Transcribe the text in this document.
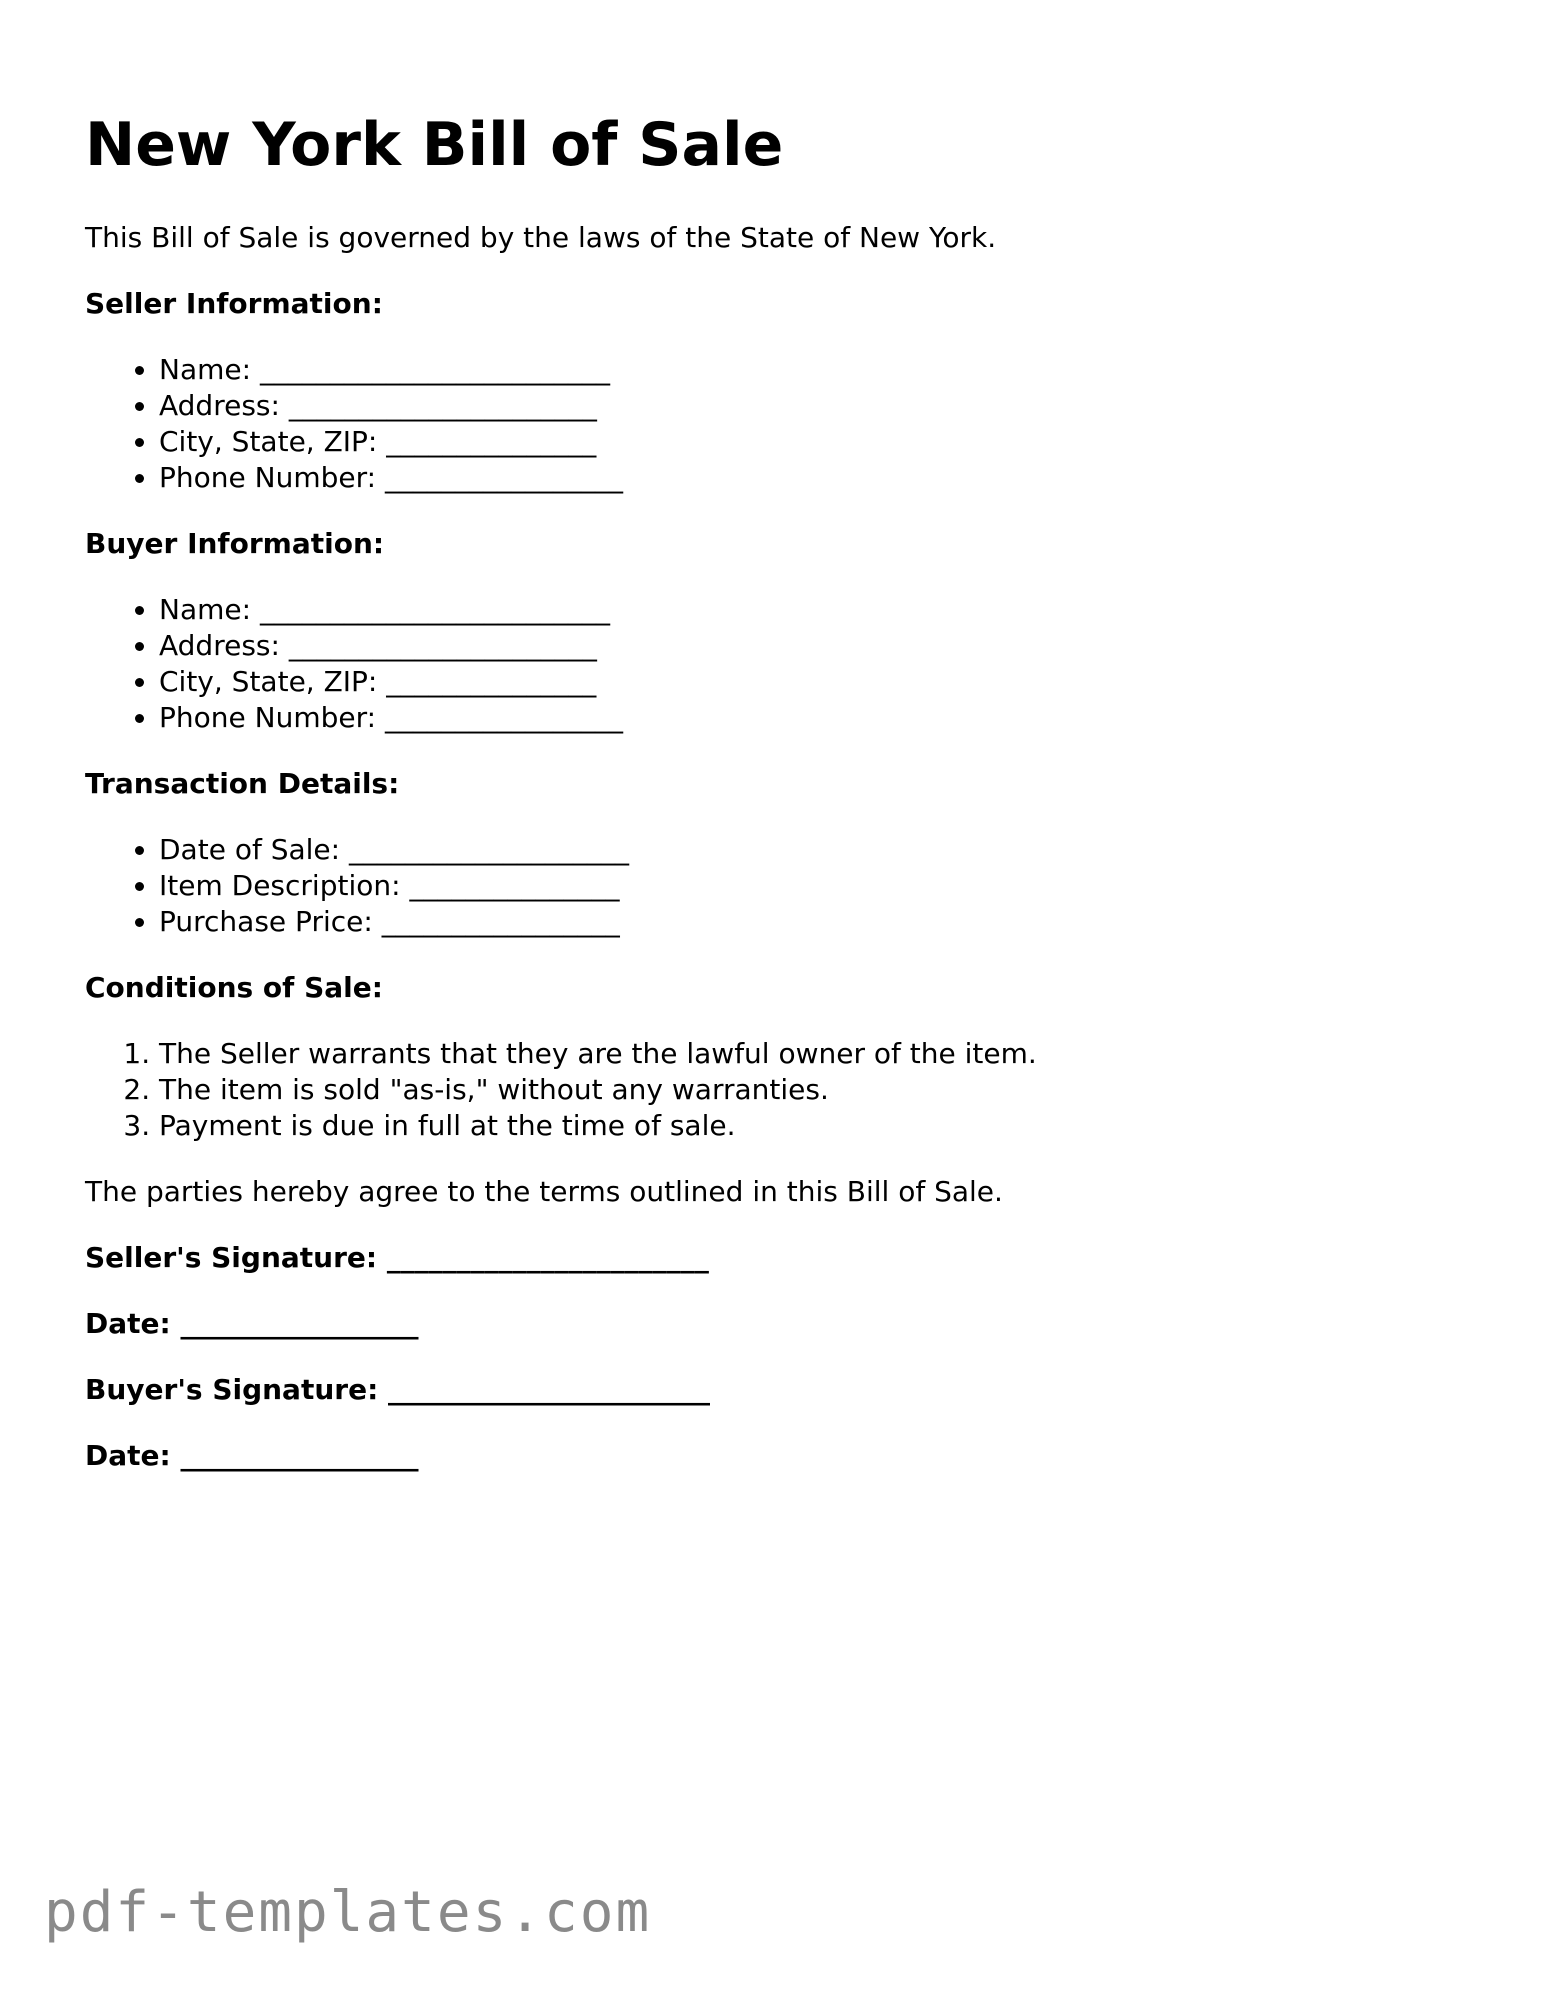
New York Bill of Sale

This Bill of Sale is governed by the laws of the State of New York.

Seller Information:
• Name: _________________________
• Address: ______________________
• City, State, ZIP: _______________
• Phone Number: _________________
Buyer Information:
• Name: _________________________
• Address: ______________________
• City, State, ZIP: _______________
• Phone Number: _________________
Transaction Details:
• Date of Sale: ____________________
• Item Description: _______________
• Purchase Price: _________________
Conditions of Sale:
1. The Seller warrants that they are the lawful owner of the item.
2. The item is sold "as-is," without any warranties.
3. Payment is due in full at the time of sale.

The parties hereby agree to the terms outlined in this Bill of Sale.

Seller's Signature: _______________________
Date: _________________
Buyer's Signature: _______________________
Date: _________________
pdf-templates.com
